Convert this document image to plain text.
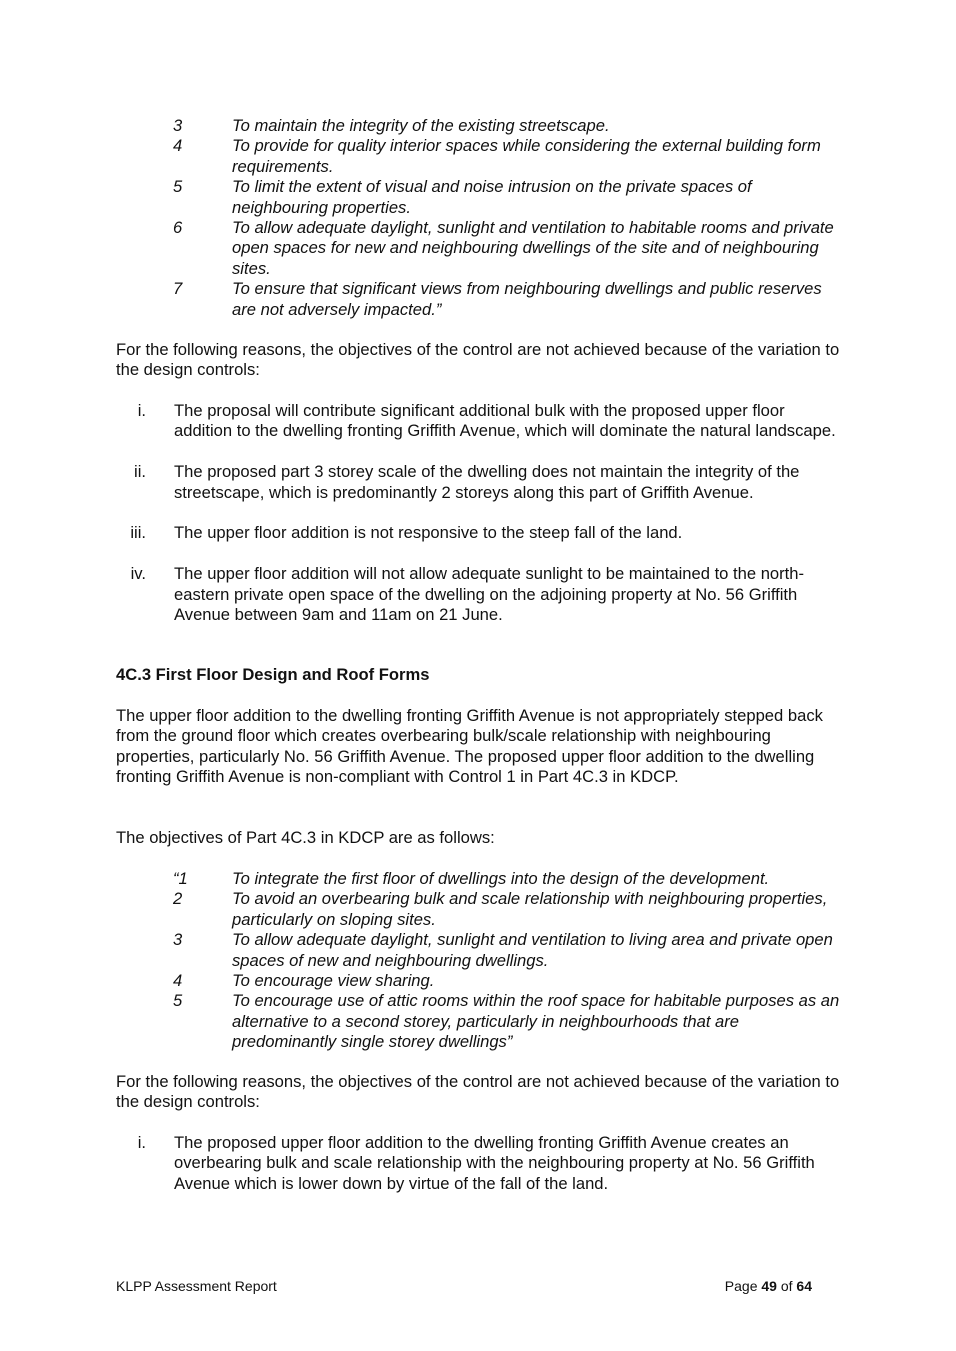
3	To maintain the integrity of the existing streetscape.
4	To provide for quality interior spaces while considering the external building form requirements.
5	To limit the extent of visual and noise intrusion on the private spaces of neighbouring properties.
6	To allow adequate daylight, sunlight and ventilation to habitable rooms and private open spaces for new and neighbouring dwellings of the site and of neighbouring sites.
7	To ensure that significant views from neighbouring dwellings and public reserves are not adversely impacted.”

For the following reasons, the objectives of the control are not achieved because of the variation to the design controls:

i.	The proposal will contribute significant additional bulk with the proposed upper floor addition to the dwelling fronting Griffith Avenue, which will dominate the natural landscape.
ii.	The proposed part 3 storey scale of the dwelling does not maintain the integrity of the streetscape, which is predominantly 2 storeys along this part of Griffith Avenue.
iii.	The upper floor addition is not responsive to the steep fall of the land.
iv.	The upper floor addition will not allow adequate sunlight to be maintained to the north-eastern private open space of the dwelling on the adjoining property at No. 56 Griffith Avenue between 9am and 11am on 21 June.
4C.3 First Floor Design and Roof Forms

The upper floor addition to the dwelling fronting Griffith Avenue is not appropriately stepped back from the ground floor which creates overbearing bulk/scale relationship with neighbouring properties, particularly No. 56 Griffith Avenue. The proposed upper floor addition to the dwelling fronting Griffith Avenue is non-compliant with Control 1 in Part 4C.3 in KDCP.

The objectives of Part 4C.3 in KDCP are as follows:

“1	To integrate the first floor of dwellings into the design of the development.
2	To avoid an overbearing bulk and scale relationship with neighbouring properties, particularly on sloping sites.
3	To allow adequate daylight, sunlight and ventilation to living area and private open spaces of new and neighbouring dwellings.
4	To encourage view sharing.
5	To encourage use of attic rooms within the roof space for habitable purposes as an alternative to a second storey, particularly in neighbourhoods that are predominantly single storey dwellings”

For the following reasons, the objectives of the control are not achieved because of the variation to the design controls:

i.	The proposed upper floor addition to the dwelling fronting Griffith Avenue creates an overbearing bulk and scale relationship with the neighbouring property at No. 56 Griffith Avenue which is lower down by virtue of the fall of the land.
KLPP Assessment Report	Page 49 of 64
